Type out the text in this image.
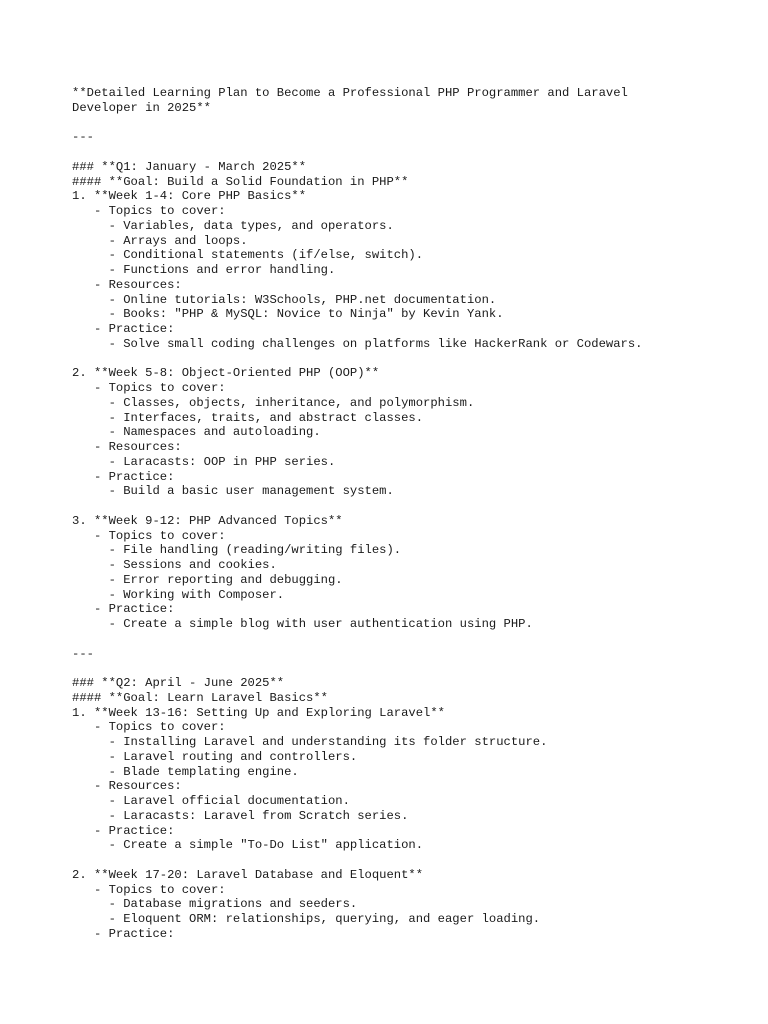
**Detailed Learning Plan to Become a Professional PHP Programmer and Laravel
Developer in 2025**
---
### **Q1: January - March 2025**
#### **Goal: Build a Solid Foundation in PHP**
1. **Week 1-4: Core PHP Basics**
- Topics to cover:
- Variables, data types, and operators.
- Arrays and loops.
- Conditional statements (if/else, switch).
- Functions and error handling.
- Resources:
- Online tutorials: W3Schools, PHP.net documentation.
- Books: "PHP & MySQL: Novice to Ninja" by Kevin Yank.
- Practice:
- Solve small coding challenges on platforms like HackerRank or Codewars.
2. **Week 5-8: Object-Oriented PHP (OOP)**
- Topics to cover:
- Classes, objects, inheritance, and polymorphism.
- Interfaces, traits, and abstract classes.
- Namespaces and autoloading.
- Resources:
- Laracasts: OOP in PHP series.
- Practice:
- Build a basic user management system.
3. **Week 9-12: PHP Advanced Topics**
- Topics to cover:
- File handling (reading/writing files).
- Sessions and cookies.
- Error reporting and debugging.
- Working with Composer.
- Practice:
- Create a simple blog with user authentication using PHP.
---
### **Q2: April - June 2025**
#### **Goal: Learn Laravel Basics**
1. **Week 13-16: Setting Up and Exploring Laravel**
- Topics to cover:
- Installing Laravel and understanding its folder structure.
- Laravel routing and controllers.
- Blade templating engine.
- Resources:
- Laravel official documentation.
- Laracasts: Laravel from Scratch series.
- Practice:
- Create a simple "To-Do List" application.
2. **Week 17-20: Laravel Database and Eloquent**
- Topics to cover:
- Database migrations and seeders.
- Eloquent ORM: relationships, querying, and eager loading.
- Practice:
